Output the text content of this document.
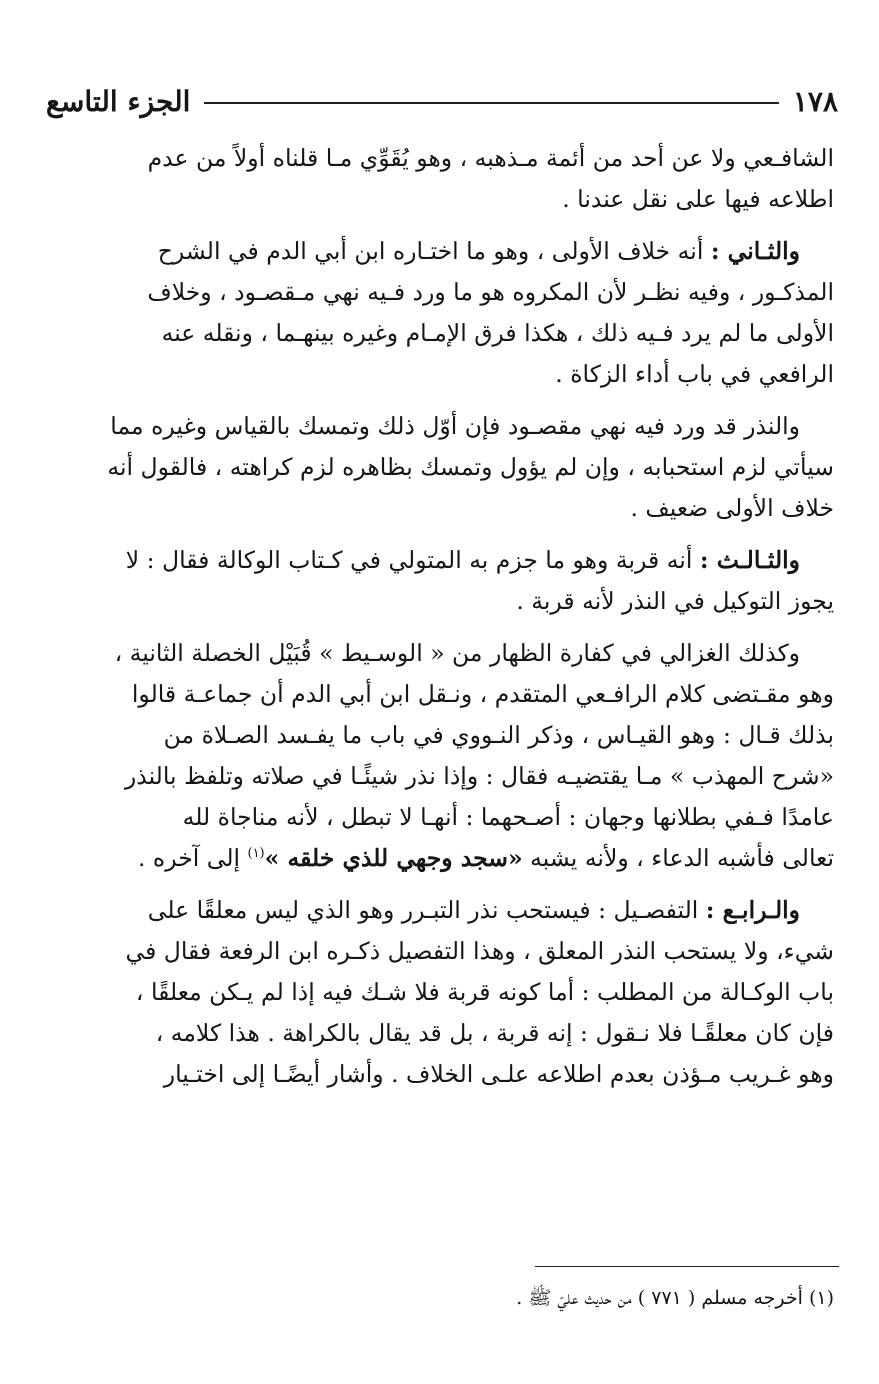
١٧٨
الجزء التاسع

الشافـعي ولا عن أحد من أئمة مـذهبه ، وهو يُقَوِّي مـا قلناه أولاً من عدم
اطلاعه فيها على نقل عندنا .

والثـاني : أنه خلاف الأولى ، وهو ما اختـاره ابن أبي الدم في الشرح
المذكـور ، وفيه نظـر لأن المكروه هو ما ورد فـيه نهي مـقصـود ، وخلاف
الأولى ما لم يرد فـيه ذلك ، هكذا فرق الإمـام وغيره بينهـما ، ونقله عنه
الرافعي في باب أداء الزكاة .

والنذر قد ورد فيه نهي مقصـود فإن أوّل ذلك وتمسك بالقياس وغيره مما
سيأتي لزم استحبابه ، وإن لم يؤول وتمسك بظاهره لزم كراهته ، فالقول أنه
خلاف الأولى ضعيف .

والثـالـث : أنه قربة وهو ما جزم به المتولي في كـتاب الوكالة فقال : لا
يجوز التوكيل في النذر لأنه قربة .

وكذلك الغزالي في كفارة الظهار من « الوسـيط » قُبَيْل الخصلة الثانية ،
وهو مقـتضى كلام الرافـعي المتقدم ، ونـقل ابن أبي الدم أن جماعـة قالوا
بذلك قـال : وهو القيـاس ، وذكر النـووي في باب ما يفـسد الصـلاة من
«شرح المهذب » مـا يقتضيـه فقال : وإذا نذر شيئًـا في صلاته وتلفظ بالنذر
عامدًا فـفي بطلانها وجهان : أصـحهما : أنهـا لا تبطل ، لأنه مناجاة لله
تعالى فأشبه الدعاء ، ولأنه يشبه «سجد وجهي للذي خلقه »$^{(١)}$ إلى آخره .

والـرابـع : التفصـيل : فيستحب نذر التبـرر وهو الذي ليس معلقًا على
شيء، ولا يستحب النذر المعلق ، وهذا التفصيل ذكـره ابن الرفعة فقال في
باب الوكـالة من المطلب : أما كونه قربة فلا شـك فيه إذا لم يـكن معلقًا ،
فإن كان معلقًـا فلا نـقول : إنه قربة ، بل قد يقال بالكراهة . هذا كلامه ،
وهو غـريب مـؤذن بعدم اطلاعه علـى الخلاف . وأشار أيضًـا إلى اختـيار

(١) أخرجه مسلم ( ٧٧١ ) من حديث عليّ ﷺ .
